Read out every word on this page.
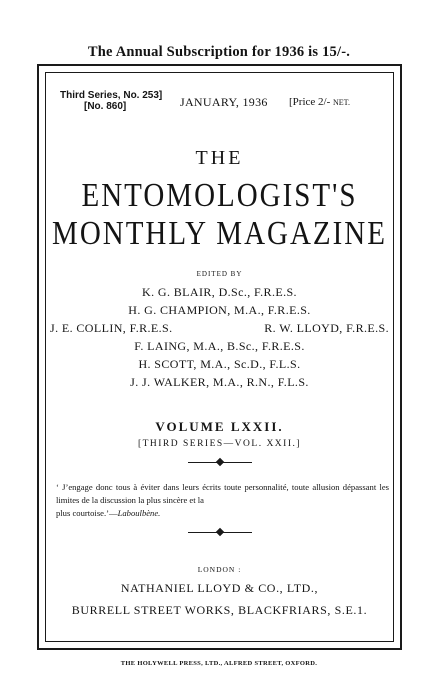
The Annual Subscription for 1936 is 15/-.
Third Series, No. 253]
[No. 860]	JANUARY, 1936 [Price 2/- NET.
THE
ENTOMOLOGIST'S
MONTHLY MAGAZINE
EDITED BY
K. G. BLAIR, D.Sc., F.R.E.S.
H. G. CHAMPION, M.A., F.R.E.S.
J. E. COLLIN, F.R.E.S.	R. W. LLOYD, F.R.E.S.
F. LAING, M.A., B.Sc., F.R.E.S.
H. SCOTT, M.A., Sc.D., F.L.S.
J. J. WALKER, M.A., R.N., F.L.S.
VOLUME LXXII.
[THIRD SERIES—VOL. XXII.]
‘ J’engage donc tous à éviter dans leurs écrits toute personnalité, toute allusion dépassant les limites de la discussion la plus sincère et la
plus courtoise.’—Laboulbène.
LONDON :
NATHANIEL LLOYD & CO., LTD.,
BURRELL STREET WORKS, BLACKFRIARS, S.E.1.
THE HOLYWELL PRESS, LTD., ALFRED STREET, OXFORD.
